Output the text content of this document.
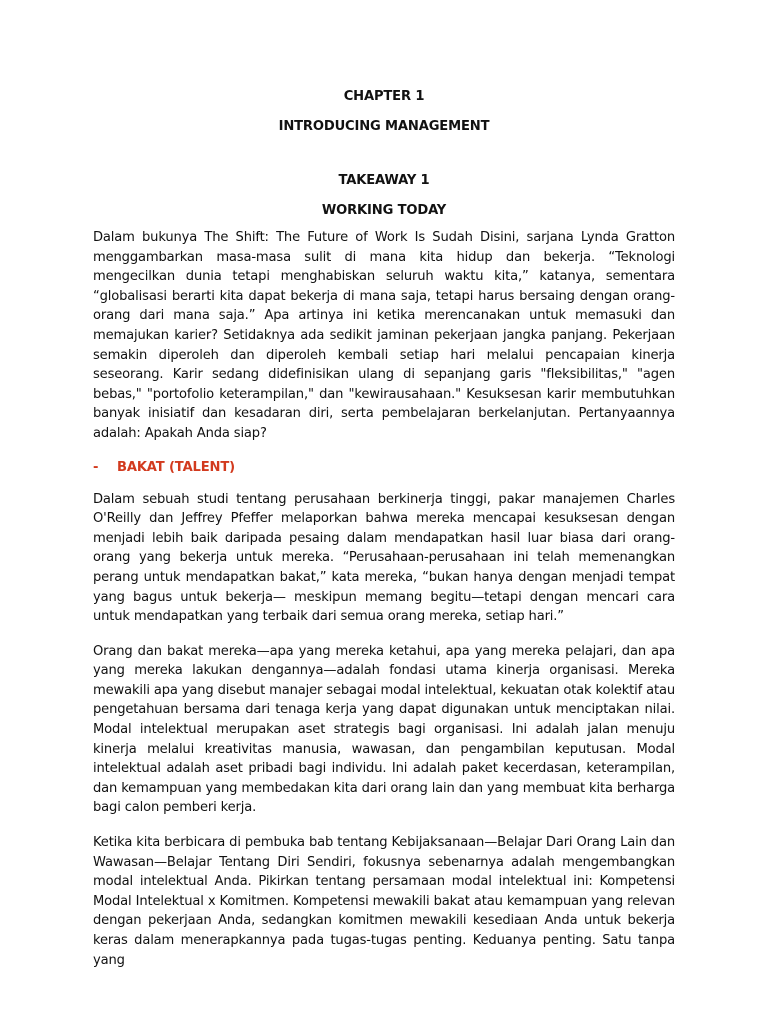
CHAPTER 1

INTRODUCING MANAGEMENT

TAKEAWAY 1

WORKING TODAY

Dalam bukunya The Shift: The Future of Work Is Sudah Disini, sarjana Lynda Gratton menggambarkan masa-masa sulit di mana kita hidup dan bekerja. “Teknologi mengecilkan dunia tetapi menghabiskan seluruh waktu kita,” katanya, sementara “globalisasi berarti kita dapat bekerja di mana saja, tetapi harus bersaing dengan orang-orang dari mana saja.” Apa artinya ini ketika merencanakan untuk memasuki dan memajukan karier? Setidaknya ada sedikit jaminan pekerjaan jangka panjang. Pekerjaan semakin diperoleh dan diperoleh kembali setiap hari melalui pencapaian kinerja seseorang. Karir sedang didefinisikan ulang di sepanjang garis "fleksibilitas," "agen bebas," "portofolio keterampilan," dan "kewirausahaan." Kesuksesan karir membutuhkan banyak inisiatif dan kesadaran diri, serta pembelajaran berkelanjutan. Pertanyaannya adalah: Apakah Anda siap?

- BAKAT (TALENT)

Dalam sebuah studi tentang perusahaan berkinerja tinggi, pakar manajemen Charles O'Reilly dan Jeffrey Pfeffer melaporkan bahwa mereka mencapai kesuksesan dengan menjadi lebih baik daripada pesaing dalam mendapatkan hasil luar biasa dari orang-orang yang bekerja untuk mereka. “Perusahaan-perusahaan ini telah memenangkan perang untuk mendapatkan bakat,” kata mereka, “bukan hanya dengan menjadi tempat yang bagus untuk bekerja— meskipun memang begitu—tetapi dengan mencari cara untuk mendapatkan yang terbaik dari semua orang mereka, setiap hari.”

Orang dan bakat mereka—apa yang mereka ketahui, apa yang mereka pelajari, dan apa yang mereka lakukan dengannya—adalah fondasi utama kinerja organisasi. Mereka mewakili apa yang disebut manajer sebagai modal intelektual, kekuatan otak kolektif atau pengetahuan bersama dari tenaga kerja yang dapat digunakan untuk menciptakan nilai. Modal intelektual merupakan aset strategis bagi organisasi. Ini adalah jalan menuju kinerja melalui kreativitas manusia, wawasan, dan pengambilan keputusan. Modal intelektual adalah aset pribadi bagi individu. Ini adalah paket kecerdasan, keterampilan, dan kemampuan yang membedakan kita dari orang lain dan yang membuat kita berharga bagi calon pemberi kerja.

Ketika kita berbicara di pembuka bab tentang Kebijaksanaan—Belajar Dari Orang Lain dan Wawasan—Belajar Tentang Diri Sendiri, fokusnya sebenarnya adalah mengembangkan modal intelektual Anda. Pikirkan tentang persamaan modal intelektual ini: Kompetensi Modal Intelektual x Komitmen. Kompetensi mewakili bakat atau kemampuan yang relevan dengan pekerjaan Anda, sedangkan komitmen mewakili kesediaan Anda untuk bekerja keras dalam menerapkannya pada tugas-tugas penting. Keduanya penting. Satu tanpa yang
